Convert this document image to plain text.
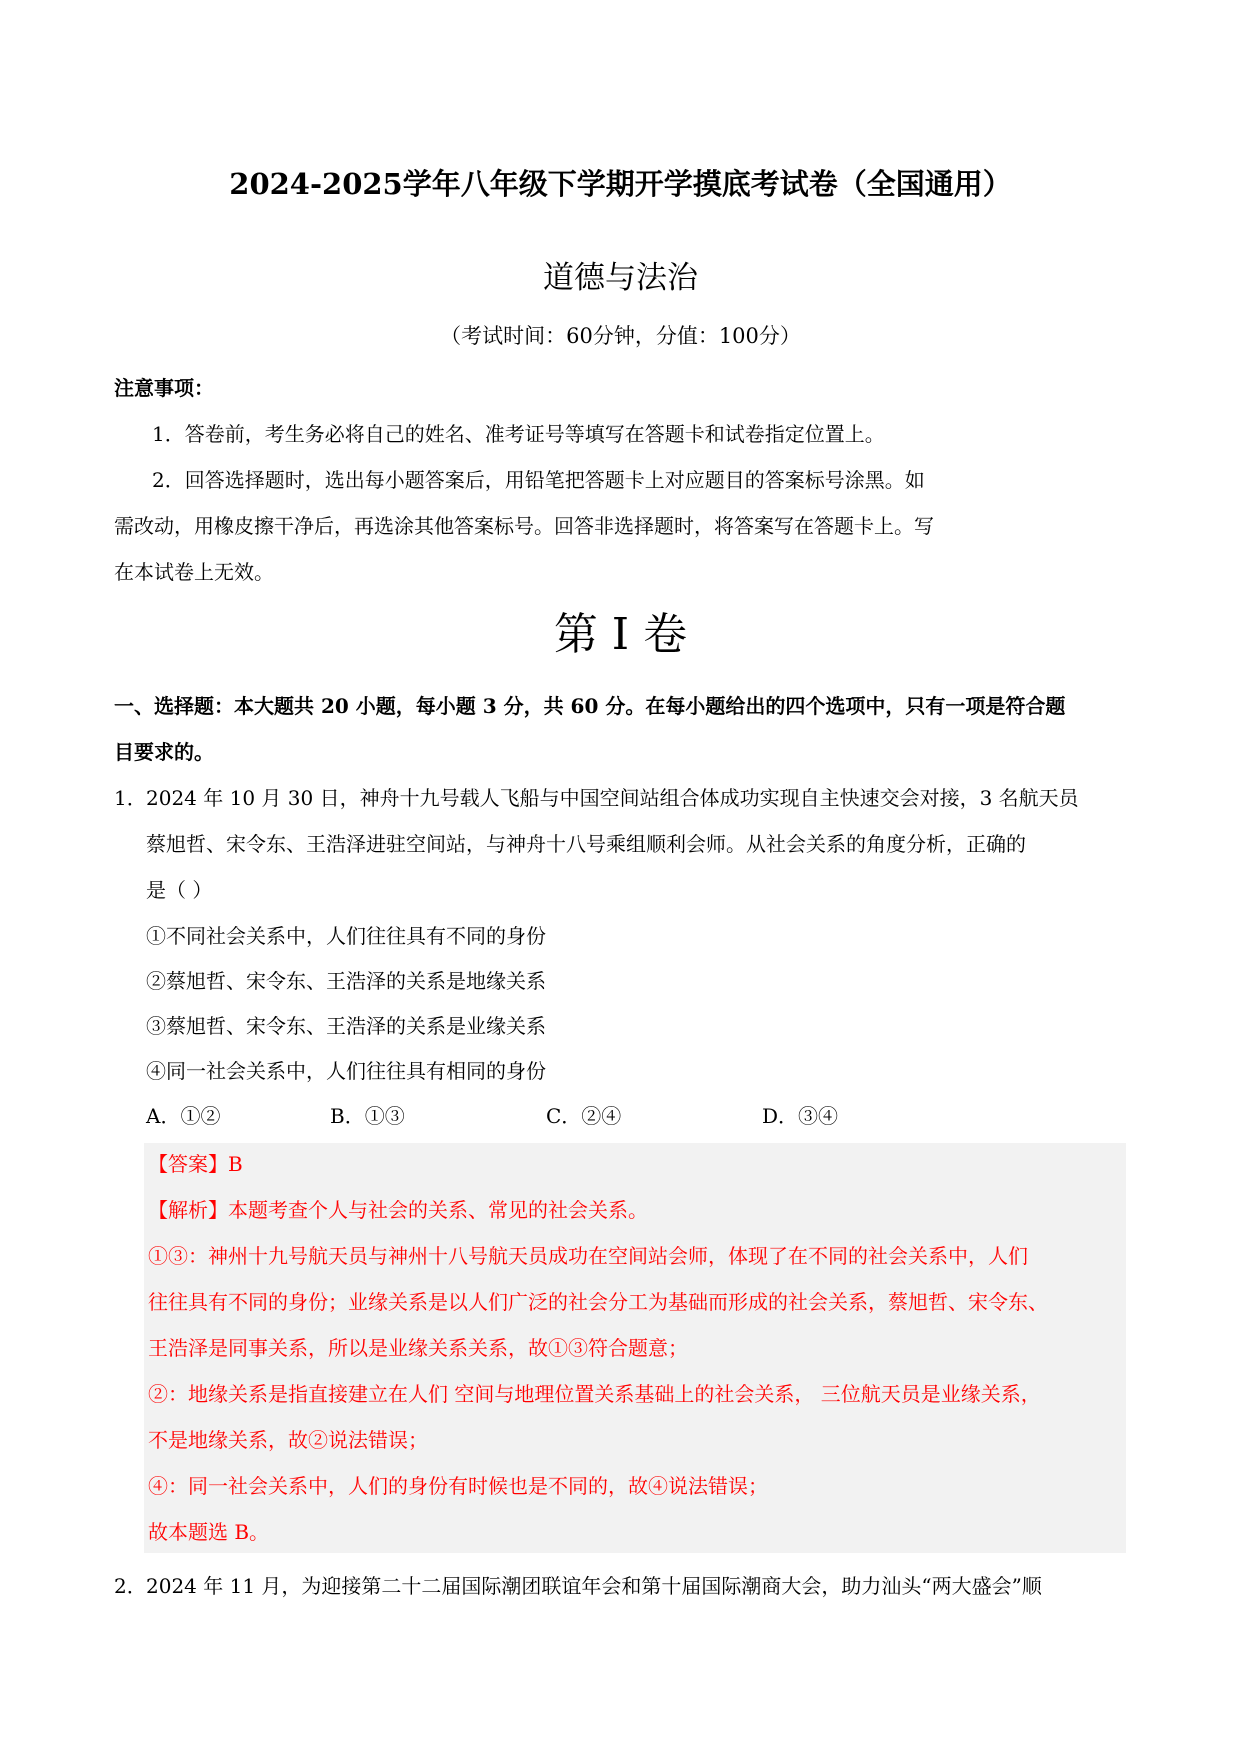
2024-2025学年八年级下学期开学摸底考试卷（全国通用）
道德与法治
（考试时间：60分钟，分值：100分）
注意事项：
1．答卷前，考生务必将自己的姓名、准考证号等填写在答题卡和试卷指定位置上。
2．回答选择题时，选出每小题答案后，用铅笔把答题卡上对应题目的答案标号涂黑。如
需改动，用橡皮擦干净后，再选涂其他答案标号。回答非选择题时，将答案写在答题卡上。写
在本试卷上无效。
第 I 卷
一、选择题：本大题共 20 小题，每小题 3 分，共 60 分。在每小题给出的四个选项中，只有一项是符合题
目要求的。
1． 2024 年 10 月 30 日，神舟十九号载人飞船与中国空间站组合体成功实现自主快速交会对接，3 名航天员
蔡旭哲、宋令东、王浩泽进驻空间站，与神舟十八号乘组顺利会师。从社会关系的角度分析，正确的
是（ ）
①不同社会关系中，人们往往具有不同的身份
②蔡旭哲、宋令东、王浩泽的关系是地缘关系
③蔡旭哲、宋令东、王浩泽的关系是业缘关系
④同一社会关系中，人们往往具有相同的身份
A．①②	B．①③	C．②④	D．③④
【答案】B
【解析】本题考查个人与社会的关系、常见的社会关系。
①③：神州十九号航天员与神州十八号航天员成功在空间站会师，体现了在不同的社会关系中，人们
往往具有不同的身份；业缘关系是以人们广泛的社会分工为基础而形成的社会关系，蔡旭哲、宋令东、
王浩泽是同事关系，所以是业缘关系关系，故①③符合题意；
②：地缘关系是指直接建立在人们 空间与地理位置关系基础上的社会关系， 三位航天员是业缘关系，
不是地缘关系，故②说法错误；
④：同一社会关系中，人们的身份有时候也是不同的，故④说法错误；
故本题选 B。
2． 2024 年 11 月，为迎接第二十二届国际潮团联谊年会和第十届国际潮商大会，助力汕头“两大盛会”顺
